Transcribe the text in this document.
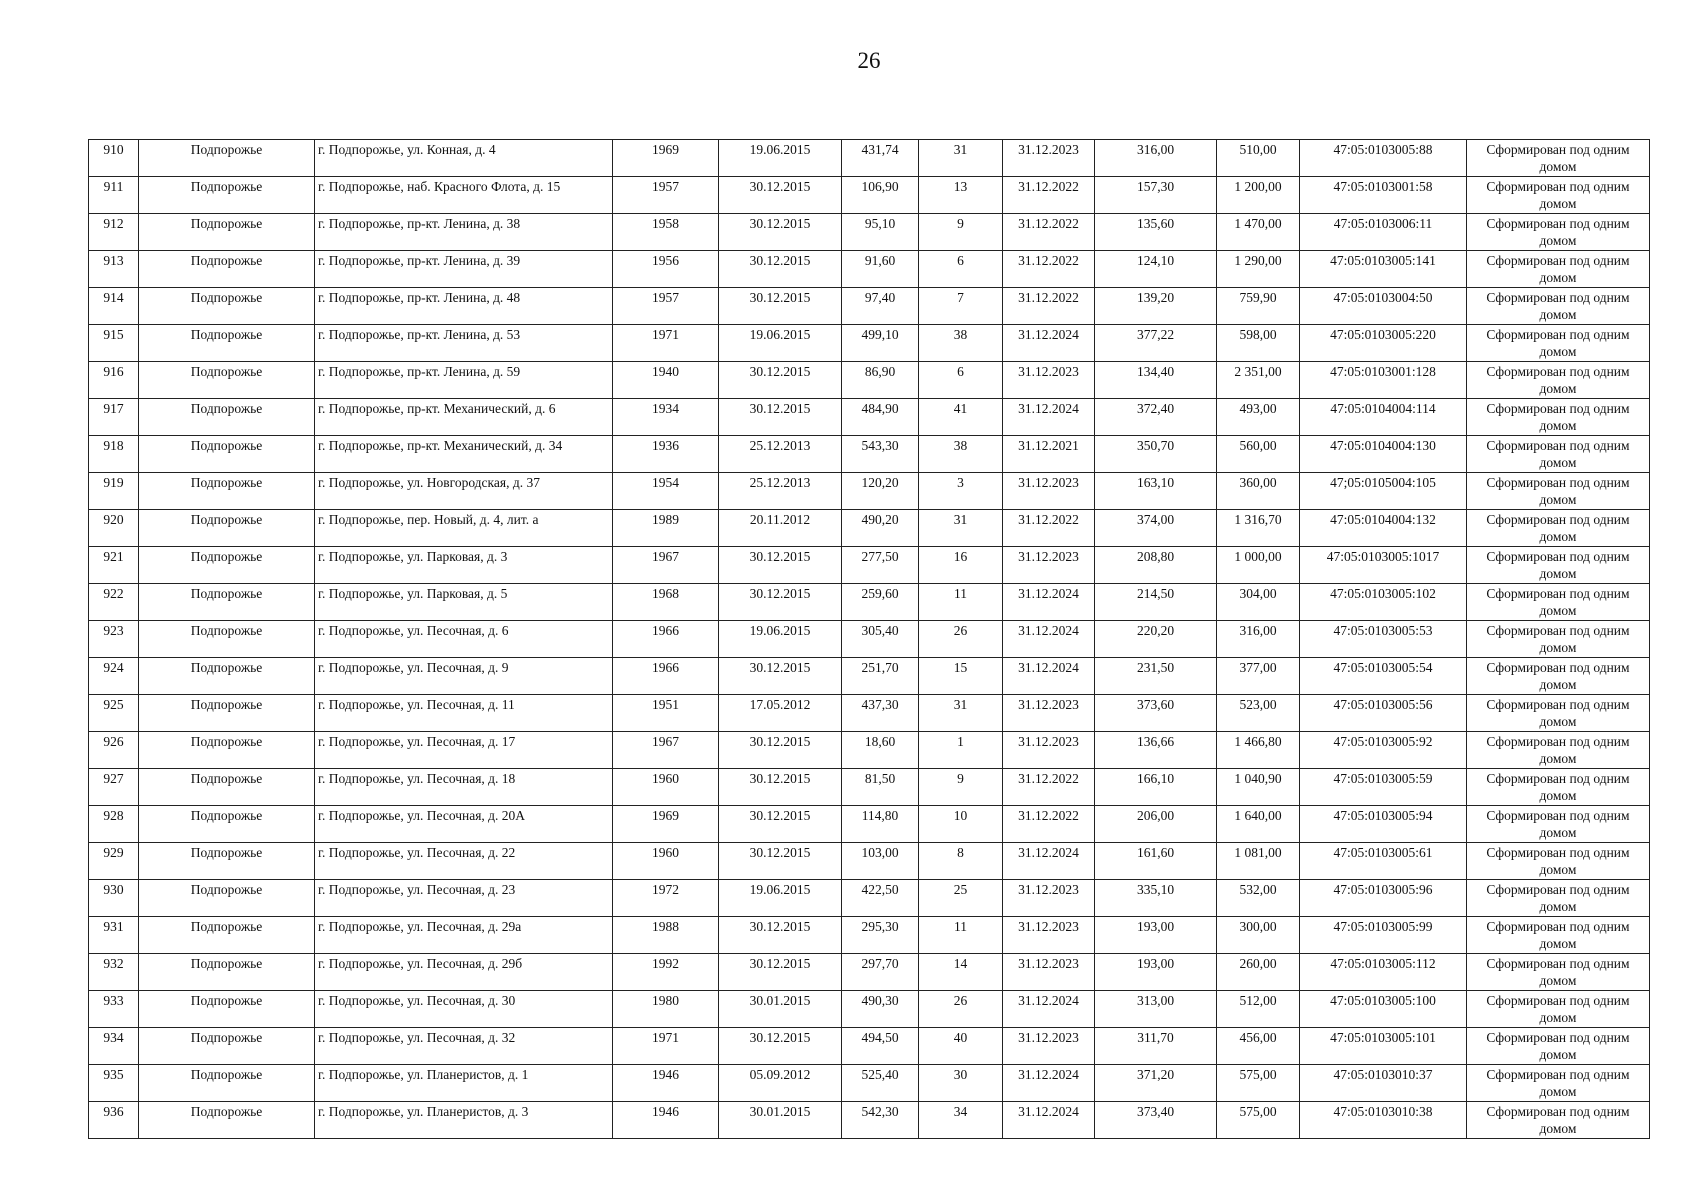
26
910	Подпорожье	г. Подпорожье, ул. Конная, д. 4	1969	19.06.2015	431,74	31	31.12.2023	316,00	510,00	47:05:0103005:88	Сформирован под одним домом
911	Подпорожье	г. Подпорожье, наб. Красного Флота, д. 15	1957	30.12.2015	106,90	13	31.12.2022	157,30	1 200,00	47:05:0103001:58	Сформирован под одним домом
912	Подпорожье	г. Подпорожье, пр-кт. Ленина, д. 38	1958	30.12.2015	95,10	9	31.12.2022	135,60	1 470,00	47:05:0103006:11	Сформирован под одним домом
913	Подпорожье	г. Подпорожье, пр-кт. Ленина, д. 39	1956	30.12.2015	91,60	6	31.12.2022	124,10	1 290,00	47:05:0103005:141	Сформирован под одним домом
914	Подпорожье	г. Подпорожье, пр-кт. Ленина, д. 48	1957	30.12.2015	97,40	7	31.12.2022	139,20	759,90	47:05:0103004:50	Сформирован под одним домом
915	Подпорожье	г. Подпорожье, пр-кт. Ленина, д. 53	1971	19.06.2015	499,10	38	31.12.2024	377,22	598,00	47:05:0103005:220	Сформирован под одним домом
916	Подпорожье	г. Подпорожье, пр-кт. Ленина, д. 59	1940	30.12.2015	86,90	6	31.12.2023	134,40	2 351,00	47:05:0103001:128	Сформирован под одним домом
917	Подпорожье	г. Подпорожье, пр-кт. Механический, д. 6	1934	30.12.2015	484,90	41	31.12.2024	372,40	493,00	47:05:0104004:114	Сформирован под одним домом
918	Подпорожье	г. Подпорожье, пр-кт. Механический, д. 34	1936	25.12.2013	543,30	38	31.12.2021	350,70	560,00	47:05:0104004:130	Сформирован под одним домом
919	Подпорожье	г. Подпорожье, ул. Новгородская, д. 37	1954	25.12.2013	120,20	3	31.12.2023	163,10	360,00	47;05:0105004:105	Сформирован под одним домом
920	Подпорожье	г. Подпорожье, пер. Новый, д. 4, лит. а	1989	20.11.2012	490,20	31	31.12.2022	374,00	1 316,70	47:05:0104004:132	Сформирован под одним домом
921	Подпорожье	г. Подпорожье, ул. Парковая, д. 3	1967	30.12.2015	277,50	16	31.12.2023	208,80	1 000,00	47:05:0103005:1017	Сформирован под одним домом
922	Подпорожье	г. Подпорожье, ул. Парковая, д. 5	1968	30.12.2015	259,60	11	31.12.2024	214,50	304,00	47:05:0103005:102	Сформирован под одним домом
923	Подпорожье	г. Подпорожье, ул. Песочная, д. 6	1966	19.06.2015	305,40	26	31.12.2024	220,20	316,00	47:05:0103005:53	Сформирован под одним домом
924	Подпорожье	г. Подпорожье, ул. Песочная, д. 9	1966	30.12.2015	251,70	15	31.12.2024	231,50	377,00	47:05:0103005:54	Сформирован под одним домом
925	Подпорожье	г. Подпорожье, ул. Песочная, д. 11	1951	17.05.2012	437,30	31	31.12.2023	373,60	523,00	47:05:0103005:56	Сформирован под одним домом
926	Подпорожье	г. Подпорожье, ул. Песочная, д. 17	1967	30.12.2015	18,60	1	31.12.2023	136,66	1 466,80	47:05:0103005:92	Сформирован под одним домом
927	Подпорожье	г. Подпорожье, ул. Песочная, д. 18	1960	30.12.2015	81,50	9	31.12.2022	166,10	1 040,90	47:05:0103005:59	Сформирован под одним домом
928	Подпорожье	г. Подпорожье, ул. Песочная, д. 20А	1969	30.12.2015	114,80	10	31.12.2022	206,00	1 640,00	47:05:0103005:94	Сформирован под одним домом
929	Подпорожье	г. Подпорожье, ул. Песочная, д. 22	1960	30.12.2015	103,00	8	31.12.2024	161,60	1 081,00	47:05:0103005:61	Сформирован под одним домом
930	Подпорожье	г. Подпорожье, ул. Песочная, д. 23	1972	19.06.2015	422,50	25	31.12.2023	335,10	532,00	47:05:0103005:96	Сформирован под одним домом
931	Подпорожье	г. Подпорожье, ул. Песочная, д. 29а	1988	30.12.2015	295,30	11	31.12.2023	193,00	300,00	47:05:0103005:99	Сформирован под одним домом
932	Подпорожье	г. Подпорожье, ул. Песочная, д. 29б	1992	30.12.2015	297,70	14	31.12.2023	193,00	260,00	47:05:0103005:112	Сформирован под одним домом
933	Подпорожье	г. Подпорожье, ул. Песочная, д. 30	1980	30.01.2015	490,30	26	31.12.2024	313,00	512,00	47:05:0103005:100	Сформирован под одним домом
934	Подпорожье	г. Подпорожье, ул. Песочная, д. 32	1971	30.12.2015	494,50	40	31.12.2023	311,70	456,00	47:05:0103005:101	Сформирован под одним домом
935	Подпорожье	г. Подпорожье, ул. Планеристов, д. 1	1946	05.09.2012	525,40	30	31.12.2024	371,20	575,00	47:05:0103010:37	Сформирован под одним домом
936	Подпорожье	г. Подпорожье, ул. Планеристов, д. 3	1946	30.01.2015	542,30	34	31.12.2024	373,40	575,00	47:05:0103010:38	Сформирован под одним домом
